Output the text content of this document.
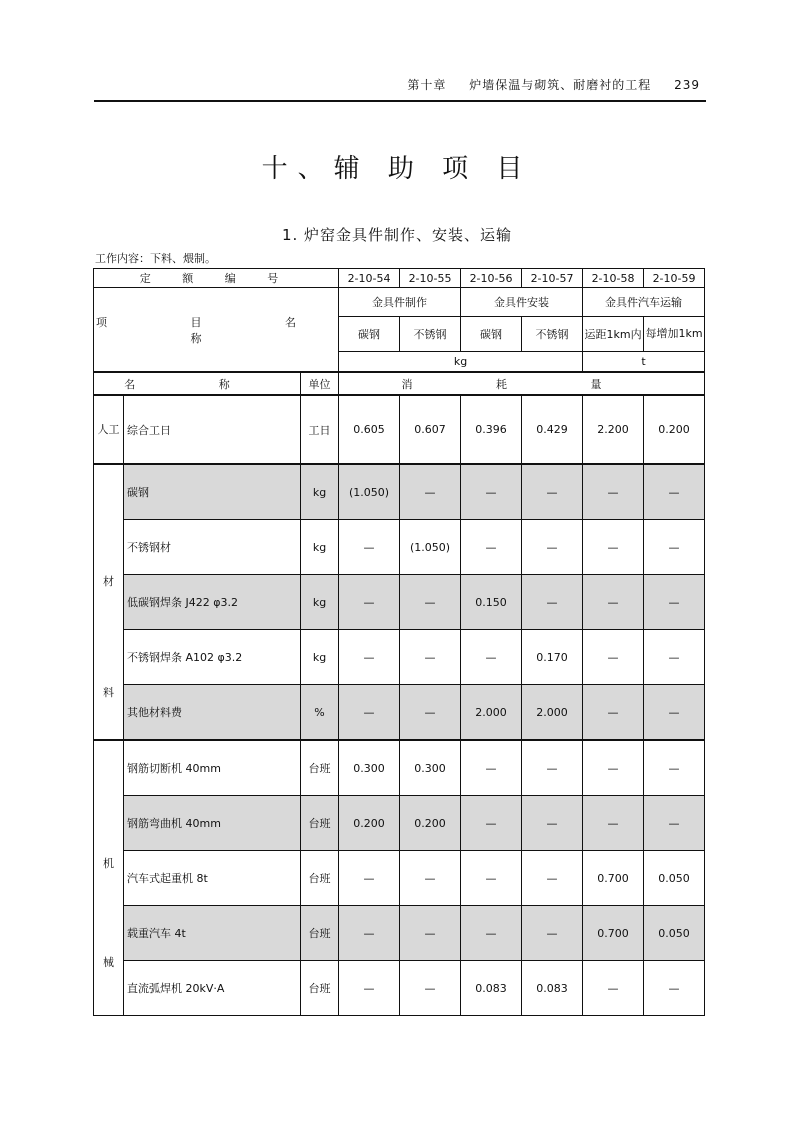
第十章 炉墙保温与砌筑、耐磨衬的工程 239
十、辅 助 项 目
1. 炉窑金具件制作、安装、运输
工作内容：下料、煨制。
定 额 编 号			2-10-54	2-10-55	2-10-56	2-10-57	2-10-58	2-10-59
项 目 名 称			金具件制作		金具件安装		金具件汽车运输	
			碳钢	不锈钢	碳钢	不锈钢	运距1km内	每增加1km
			kg				t	
名 称		单位	消 耗 量					
人工	综合工日	工日	0.605	0.607	0.396	0.429	2.200	0.200

材
料	碳钢	kg	(1.050)	—	—	—	—	—
	不锈钢材	kg	—	(1.050)	—	—	—	—
	低碳钢焊条 J422 φ3.2	kg	—	—	0.150	—	—	—
	不锈钢焊条 A102 φ3.2	kg	—	—	—	0.170	—	—
	其他材料费	%	—	—	2.000	2.000	—	—

机
械	钢筋切断机 40mm	台班	0.300	0.300	—	—	—	—
	钢筋弯曲机 40mm	台班	0.200	0.200	—	—	—	—
	汽车式起重机 8t	台班	—	—	—	—	0.700	0.050
	载重汽车 4t	台班	—	—	—	—	0.700	0.050
	直流弧焊机 20kV·A	台班	—	—	0.083	0.083	—	—
